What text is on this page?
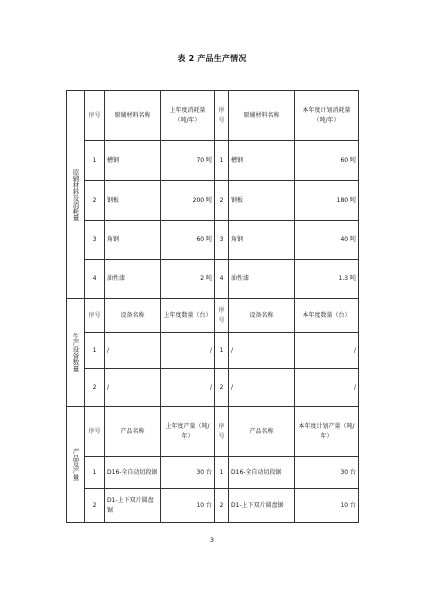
表 2 产品生产情况
原辅材料及消耗量	序号	原辅材料名称	上年度消耗量（吨/年）	序号	原辅材料名称	本年度计划消耗量（吨/年）
	1	槽钢	70 吨	1	槽钢	60 吨
	2	钢板	200 吨	2	钢板	180 吨
	3	角钢	60 吨	3	角钢	40 吨
	4	油性漆	2 吨	4	油性漆	1.3 吨

生产设备数量	序号	设备名称	上年度数量（台）	序号	设备名称	本年度数量（台）
	1	/	/	1	/	/
	2	/	/	2	/	/

产品及产量	序号	产品名称	上年度产量（吨/年）	序号	产品名称	本年度计划产量（吨/年）
	1	D16-全自动切段锯	30 台	1	D16-全自动切段锯	30 台
	2	D1-上下双片圆盘锯	10 台	2	D1-上下双片圆盘锯	10 台
3
